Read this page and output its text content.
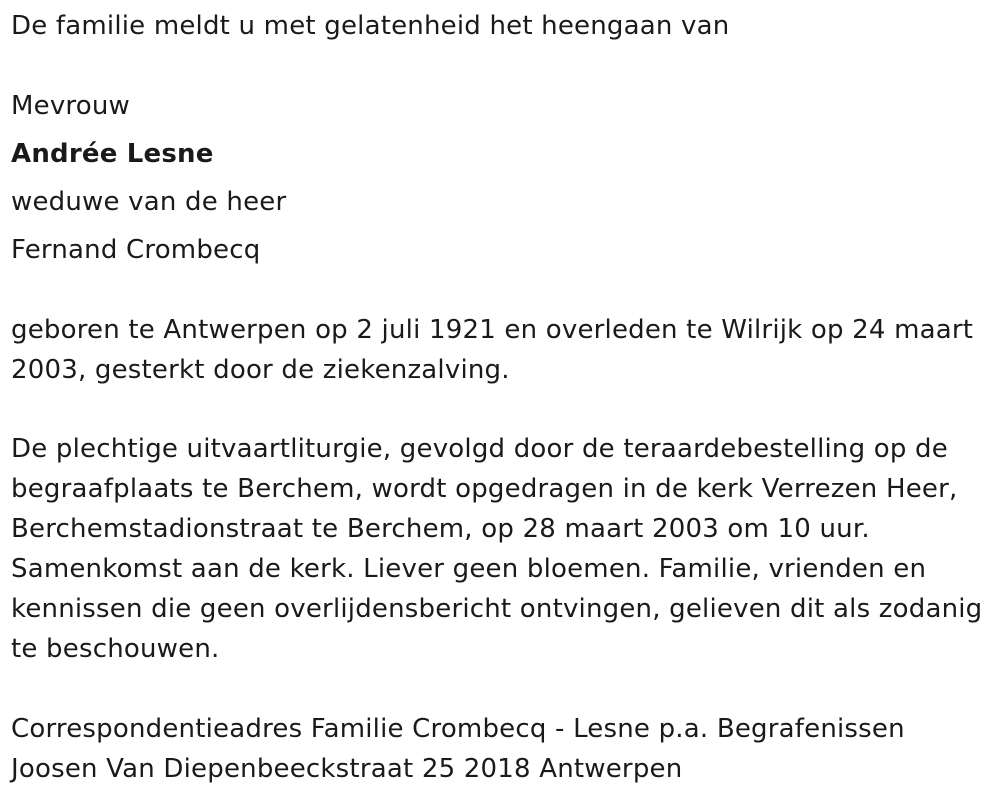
De familie meldt u met gelatenheid het heengaan van
Mevrouw
Andrée Lesne
weduwe van de heer
Fernand Crombecq
geboren te Antwerpen op 2 juli 1921 en overleden te Wilrijk op 24 maart
2003, gesterkt door de ziekenzalving.
De plechtige uitvaartliturgie, gevolgd door de teraardebestelling op de
begraafplaats te Berchem, wordt opgedragen in de kerk Verrezen Heer,
Berchemstadionstraat te Berchem, op 28 maart 2003 om 10 uur.
Samenkomst aan de kerk. Liever geen bloemen. Familie, vrienden en
kennissen die geen overlijdensbericht ontvingen, gelieven dit als zodanig
te beschouwen.
Correspondentieadres Familie Crombecq - Lesne p.a. Begrafenissen
Joosen Van Diepenbeeckstraat 25 2018 Antwerpen
